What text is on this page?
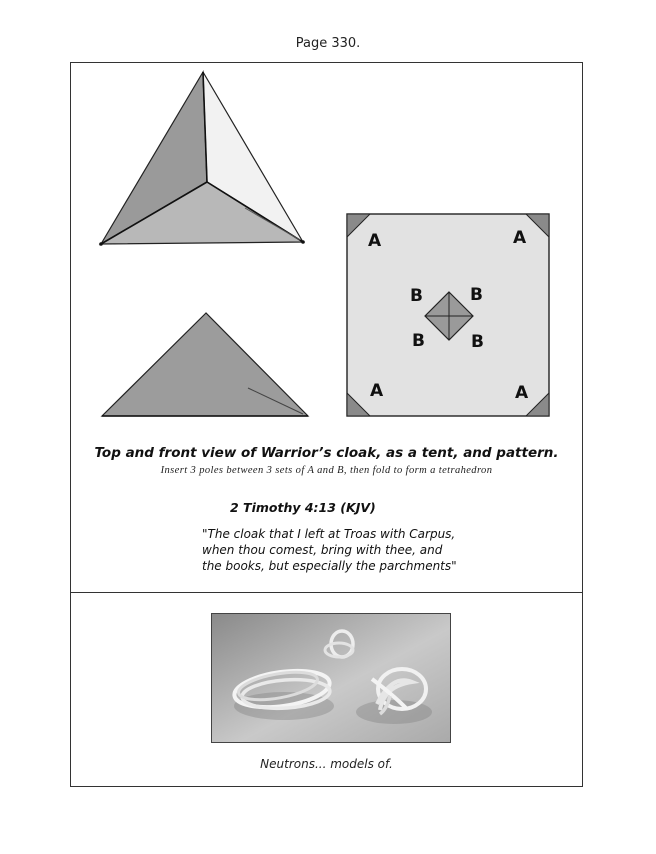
Page 330.
A	A
A	A
B	B
B	B
Top and front view of Warrior’s cloak, as a tent, and pattern.
Insert 3 poles between 3 sets of A and B, then fold to form a tetrahedron
2 Timothy 4:13 (KJV)
"The cloak that I left at Troas with Carpus,
when thou comest, bring with thee, and
the books, but especially the parchments"
Neutrons... models of.
